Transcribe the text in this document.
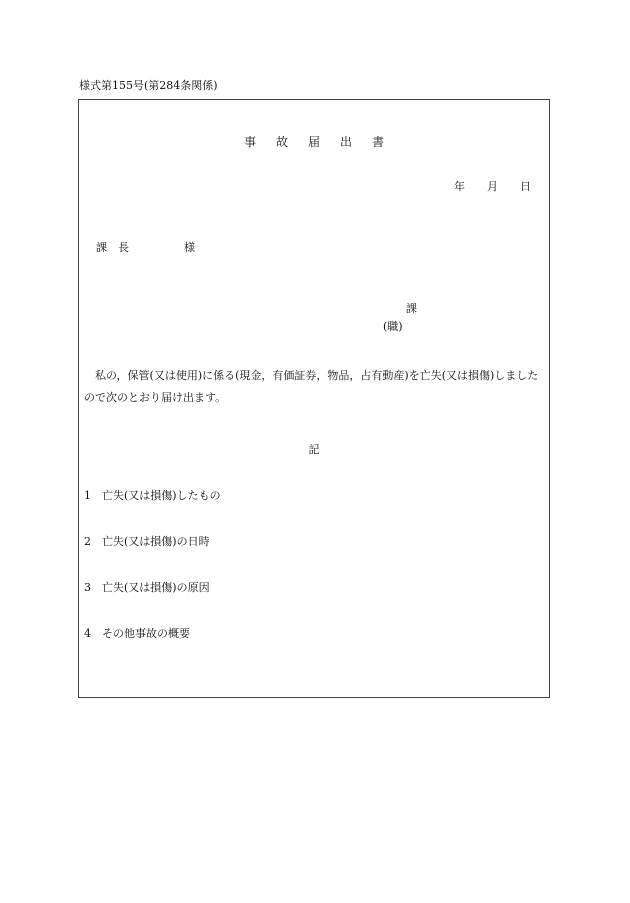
様式第155号(第284条関係)
事故届出書
年　　月　　日
課　長　　　　　様
課
(職)
私の，保管(又は使用)に係る(現金，有価証券，物品，占有動産)を亡失(又は損傷)しましたので次のとおり届け出ます。
記
1 亡失(又は損傷)したもの
2 亡失(又は損傷)の日時
3 亡失(又は損傷)の原因
4 その他事故の概要
